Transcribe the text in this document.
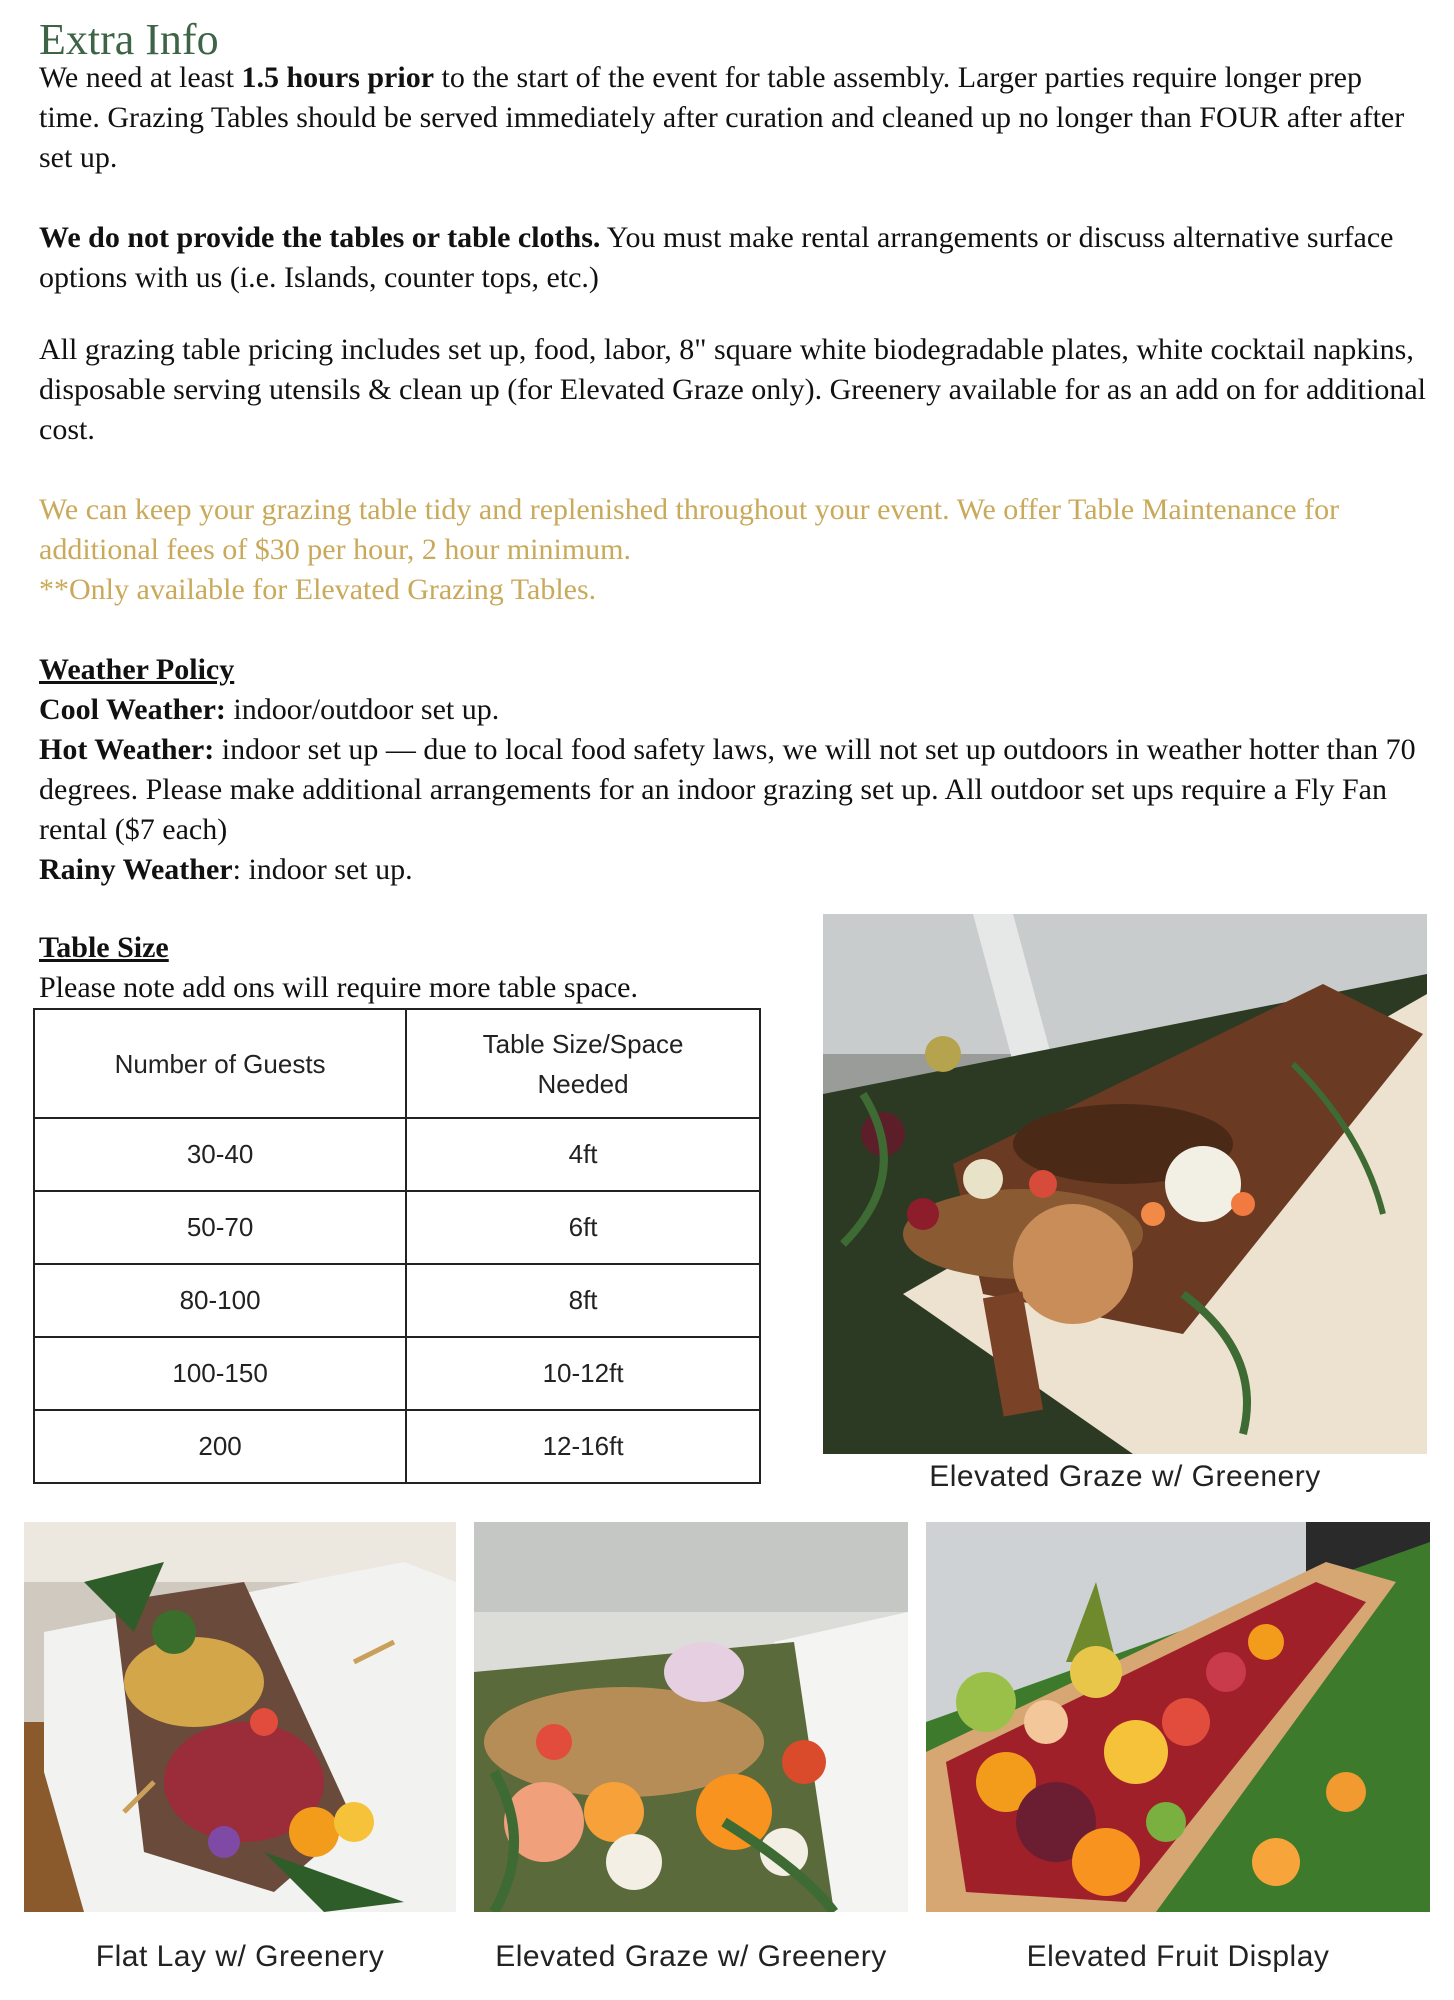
Extra Info
We need at least 1.5 hours prior to the start of the event for table assembly. Larger parties require longer prep time. Grazing Tables should be served immediately after curation and cleaned up no longer than FOUR after after set up.
We do not provide the tables or table cloths. You must make rental arrangements or discuss alternative surface options with us (i.e. Islands, counter tops, etc.)
All grazing table pricing includes set up, food, labor, 8" square white biodegradable plates, white cocktail napkins, disposable serving utensils & clean up (for Elevated Graze only). Greenery available for as an add on for additional cost.
We can keep your grazing table tidy and replenished throughout your event. We offer Table Maintenance for additional fees of $30 per hour, 2 hour minimum.
**Only available for Elevated Grazing Tables.
Weather Policy
Cool Weather: indoor/outdoor set up.
Hot Weather: indoor set up — due to local food safety laws, we will not set up outdoors in weather hotter than 70 degrees. Please make additional arrangements for an indoor grazing set up. All outdoor set ups require a Fly Fan rental ($7 each)
Rainy Weather: indoor set up.
Table Size
Please note add ons will require more table space.
Number of Guests	Table Size/Space Needed

30-40	4ft
50-70	6ft
80-100	8ft
100-150	10-12ft
200	12-16ft
Elevated Graze w/ Greenery
Flat Lay w/ Greenery	Elevated Graze w/ Greenery	Elevated Fruit Display
